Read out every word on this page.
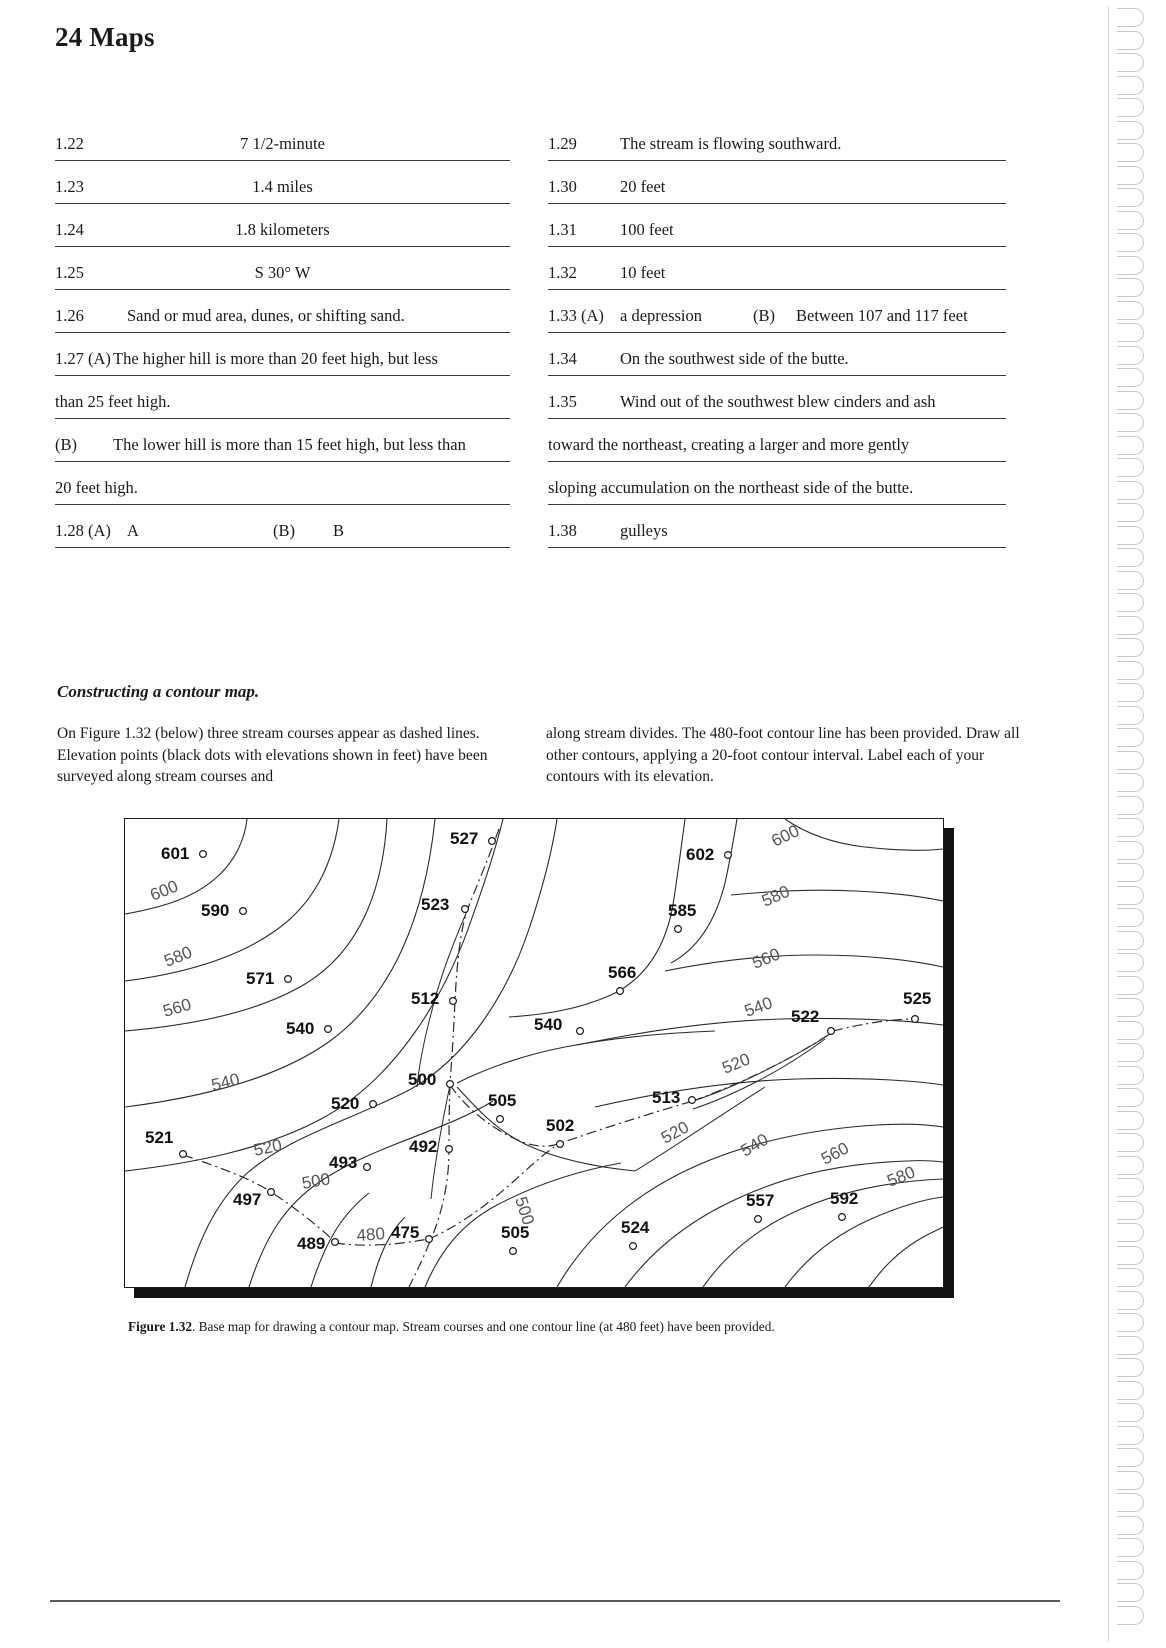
24 Maps
1.22	7 1/2-minute
1.23	1.4 miles
1.24	1.8 kilometers
1.25	S 30° W
1.26	Sand or mud area, dunes, or shifting sand.
1.27 (A) The higher hill is more than 20 feet high, but less
than 25 feet high.
(B) The lower hill is more than 15 feet high, but less than
20 feet high.
1.28 (A) A	(B) B
1.29	The stream is flowing southward.
1.30	20 feet
1.31	100 feet
1.32	10 feet
1.33 (A) a depression	(B) Between 107 and 117 feet
1.34	On the southwest side of the butte.
1.35	Wind out of the southwest blew cinders and ash
toward the northeast, creating a larger and more gently
sloping accumulation on the northeast side of the butte.
1.38	gulleys
Constructing a contour map.
On Figure 1.32 (below) three stream courses appear as dashed lines. Elevation points (black dots with elevations shown in feet) have been surveyed along stream courses and
along stream divides. The 480-foot contour line has been provided. Draw all other contours, applying a 20-foot contour interval. Label each of your contours with its elevation.
600
580
560
540
520
500
480
500
520	540	560
580
520
540
560
580
600
601
590
571
540
520
521
497
489
493
475
492
500
512
523
527
505
505
502
540
566
585
602
524
513
557	592
522
525
Figure 1.32. Base map for drawing a contour map. Stream courses and one contour line (at 480 feet) have been provided.
